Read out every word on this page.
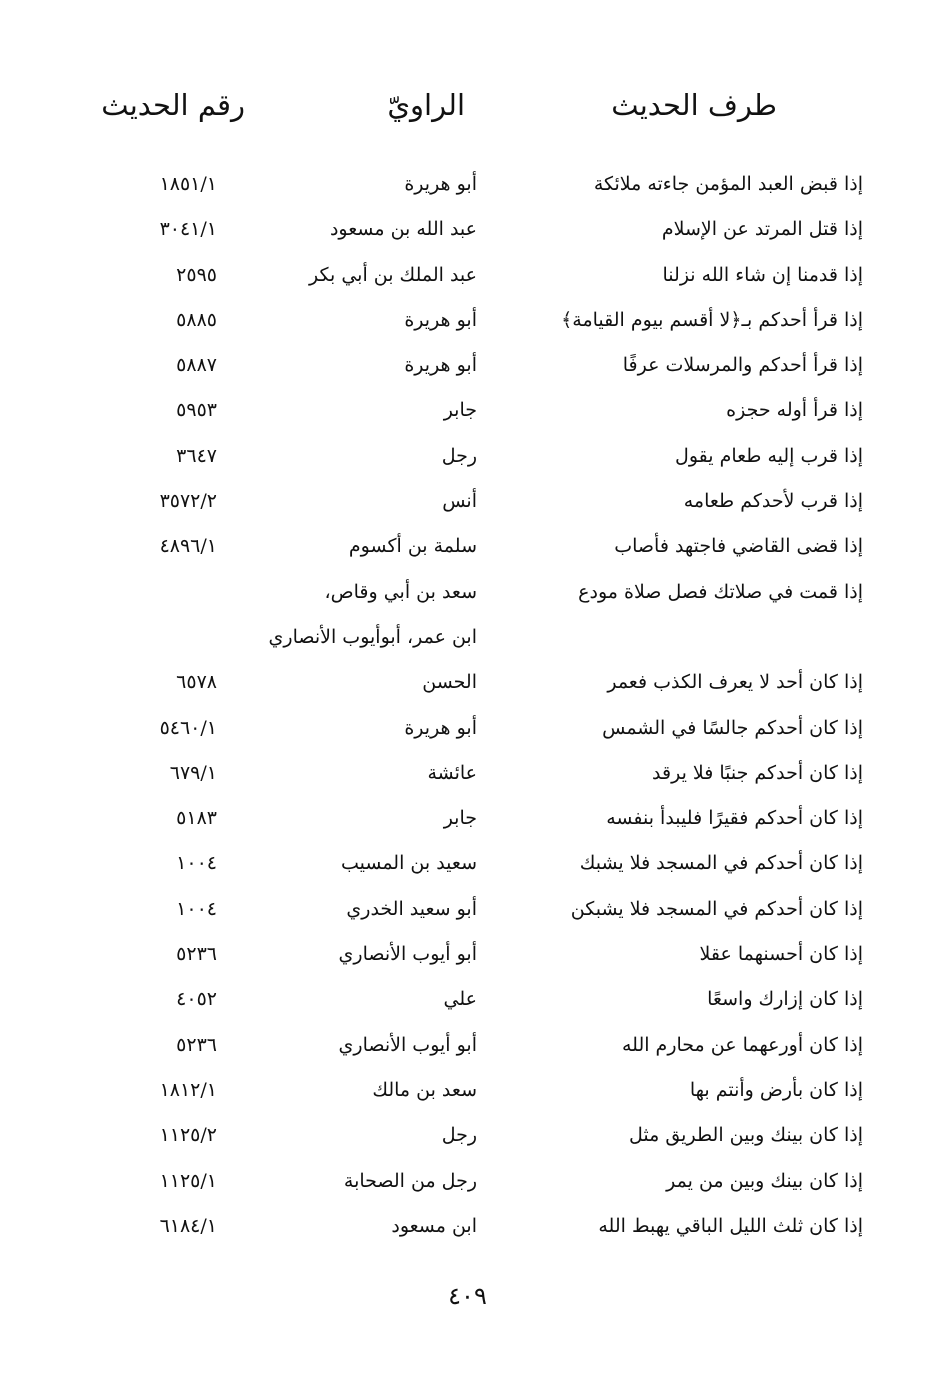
طرف الحديث
الراويّ
رقم الحديث
إذا قبض العبد المؤمن جاءته ملائكة
أبو هريرة
١٨٥١/١
إذا قتل المرتد عن الإسلام
عبد الله بن مسعود
٣٠٤١/١
إذا قدمنا إن شاء الله نزلنا
عبد الملك بن أبي بكر
٢٥٩٥
إذا قرأ أحدكم بـ﴿لا أقسم بيوم القيامة﴾
أبو هريرة
٥٨٨٥
إذا قرأ أحدكم والمرسلات عرفًا
أبو هريرة
٥٨٨٧
إذا قرأ أوله حجزه
جابر
٥٩٥٣
إذا قرب إليه طعام يقول
رجل
٣٦٤٧
إذا قرب لأحدكم طعامه
أنس
٣٥٧٢/٢
إذا قضى القاضي فاجتهد فأصاب
سلمة بن أكسوم
٤٨٩٦/١
إذا قمت في صلاتك فصل صلاة مودع
سعد بن أبي وقاص،
ابن عمر، أبوأيوب الأنصاري
إذا كان أحد لا يعرف الكذب فعمر
الحسن
٦٥٧٨
إذا كان أحدكم جالسًا في الشمس
أبو هريرة
٥٤٦٠/١
إذا كان أحدكم جنبًا فلا يرقد
عائشة
٦٧٩/١
إذا كان أحدكم فقيرًا فليبدأ بنفسه
جابر
٥١٨٣
إذا كان أحدكم في المسجد فلا يشبك
سعيد بن المسيب
١٠٠٤
إذا كان أحدكم في المسجد فلا يشبكن
أبو سعيد الخدري
١٠٠٤
إذا كان أحسنهما عقلا
أبو أيوب الأنصاري
٥٢٣٦
إذا كان إزارك واسعًا
علي
٤٠٥٢
إذا كان أورعهما عن محارم الله
أبو أيوب الأنصاري
٥٢٣٦
إذا كان بأرض وأنتم بها
سعد بن مالك
١٨١٢/١
إذا كان بينك وبين الطريق مثل
رجل
١١٢٥/٢
إذا كان بينك وبين من يمر
رجل من الصحابة
١١٢٥/١
إذا كان ثلث الليل الباقي يهبط الله
ابن مسعود
٦١٨٤/١
٤٠٩
